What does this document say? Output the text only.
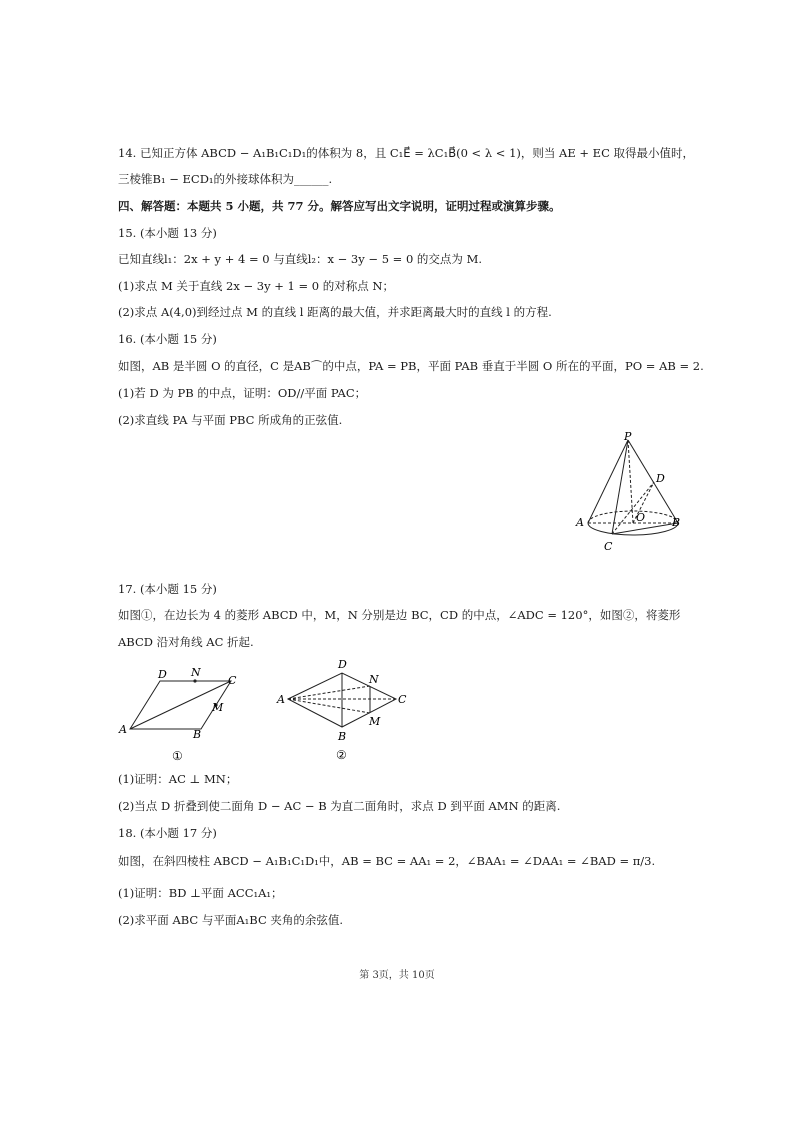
14. 已知正方体 ABCD − A₁B₁C₁D₁的体积为 8，且 C₁E⃗ = λC₁B⃗(0 < λ < 1)，则当 AE + EC 取得最小值时，
三棱锥B₁ − ECD₁的外接球体积为______.
四、解答题：本题共 5 小题，共 77 分。解答应写出文字说明，证明过程或演算步骤。
15. (本小题 13 分)
已知直线l₁：2x + y + 4 = 0 与直线l₂：x − 3y − 5 = 0 的交点为 M.
(1)求点 M 关于直线 2x − 3y + 1 = 0 的对称点 N；
(2)求点 A(4,0)到经过点 M 的直线 l 距离的最大值，并求距离最大时的直线 l 的方程.
16. (本小题 15 分)
如图，AB 是半圆 O 的直径，C 是AB⌒的中点，PA = PB，平面 PAB 垂直于半圆 O 所在的平面，PO = AB = 2.
(1)若 D 为 PB 的中点，证明：OD//平面 PAC；
(2)求直线 PA 与平面 PBC 所成角的正弦值.
P
D
O
A	B
C
17. (本小题 15 分)
如图①，在边长为 4 的菱形 ABCD 中，M，N 分别是边 BC，CD 的中点，∠ADC = 120°，如图②，将菱形
ABCD 沿对角线 AC 折起.
D N
C
M
A	B
①
D
N
A	C
M
B
②
(1)证明：AC ⊥ MN；
(2)当点 D 折叠到使二面角 D − AC − B 为直二面角时，求点 D 到平面 AMN 的距离.
18. (本小题 17 分)
如图，在斜四棱柱 ABCD − A₁B₁C₁D₁中，AB = BC = AA₁ = 2，∠BAA₁ = ∠DAA₁ = ∠BAD = π/3.
(1)证明：BD ⊥平面 ACC₁A₁；
(2)求平面 ABC 与平面A₁BC 夹角的余弦值.
第 3页，共 10页
